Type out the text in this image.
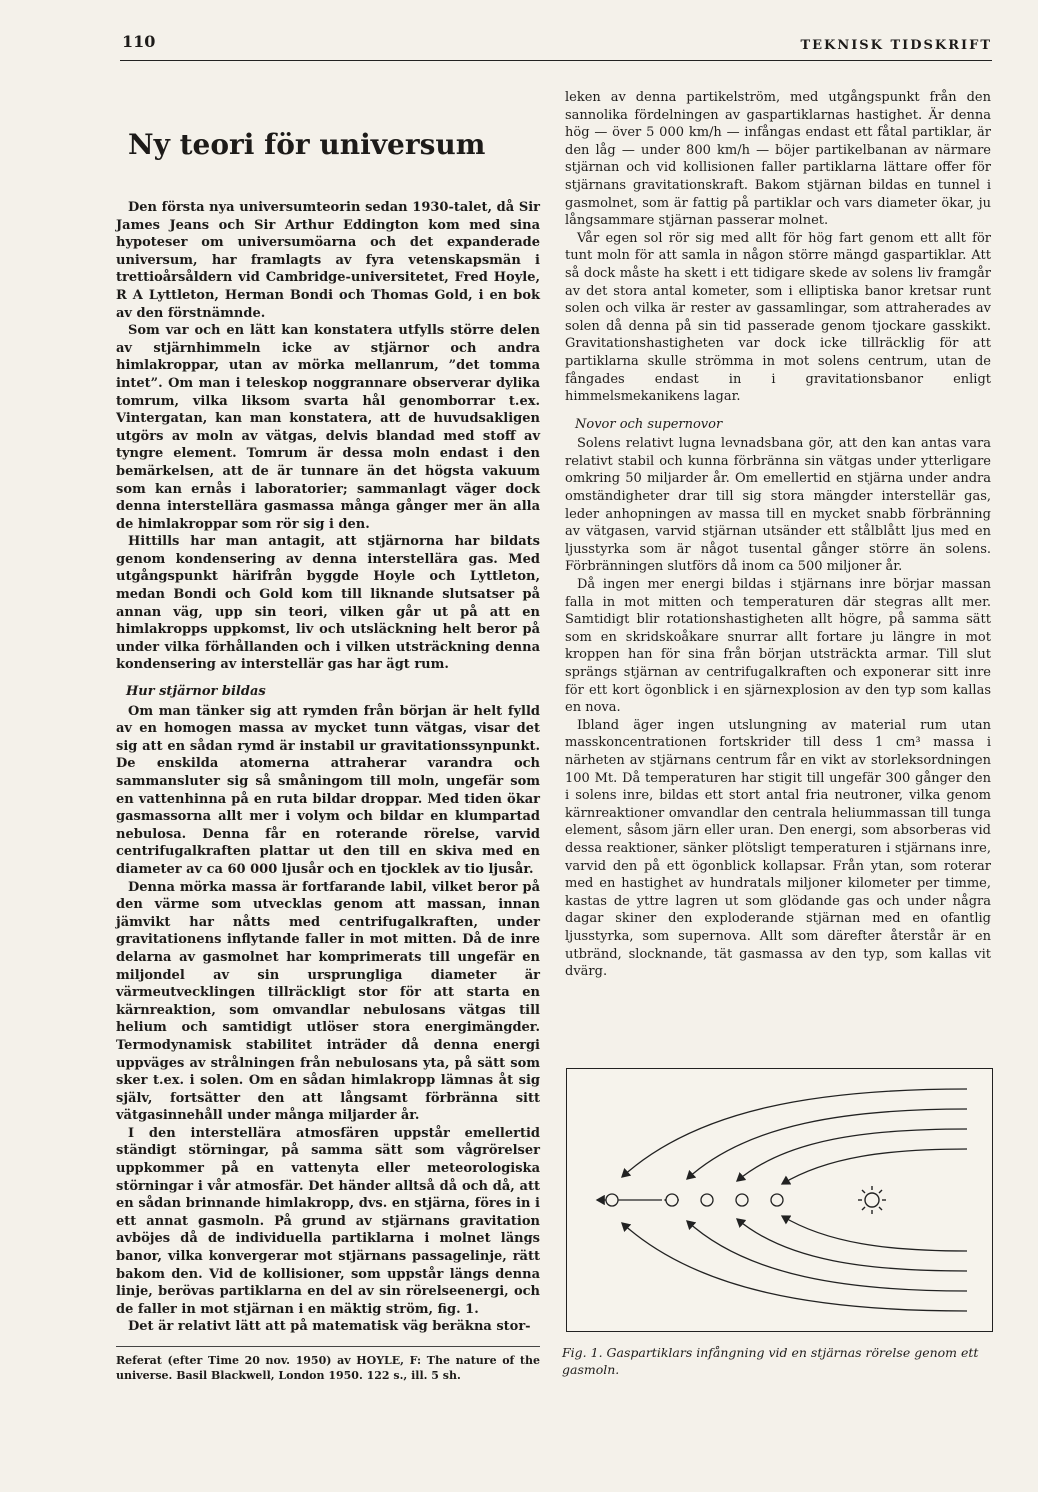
110	TEKNISK TIDSKRIFT
Ny teori för universum

Den första nya universumteorin sedan 1930-talet, då Sir James Jeans och Sir Arthur Eddington kom med sina hypoteser om universumöarna och det expanderade universum, har framlagts av fyra vetenskapsmän i trettioårsåldern vid Cambridge-universitetet, Fred Hoyle, R A Lyttleton, Herman Bondi och Thomas Gold, i en bok av den förstnämnde.

Som var och en lätt kan konstatera utfylls större delen av stjärnhimmeln icke av stjärnor och andra himlakroppar, utan av mörka mellanrum, ”det tomma intet”. Om man i teleskop noggrannare observerar dylika tomrum, vilka liksom svarta hål genomborrar t.ex. Vintergatan, kan man konstatera, att de huvudsakligen utgörs av moln av vätgas, delvis blandad med stoff av tyngre element. Tomrum är dessa moln endast i den bemärkelsen, att de är tunnare än det högsta vakuum som kan ernås i laboratorier; sammanlagt väger dock denna interstellära gasmassa många gånger mer än alla de himlakroppar som rör sig i den.

Hittills har man antagit, att stjärnorna har bildats genom kondensering av denna interstellära gas. Med utgångspunkt härifrån byggde Hoyle och Lyttleton, medan Bondi och Gold kom till liknande slutsatser på annan väg, upp sin teori, vilken går ut på att en himlakropps uppkomst, liv och utsläckning helt beror på under vilka förhållanden och i vilken utsträckning denna kondensering av interstellär gas har ägt rum.

Hur stjärnor bildas

Om man tänker sig att rymden från början är helt fylld av en homogen massa av mycket tunn vätgas, visar det sig att en sådan rymd är instabil ur gravitationssynpunkt. De enskilda atomerna attraherar varandra och sammansluter sig så småningom till moln, ungefär som en vattenhinna på en ruta bildar droppar. Med tiden ökar gasmassorna allt mer i volym och bildar en klumpartad nebulosa. Denna får en roterande rörelse, varvid centrifugalkraften plattar ut den till en skiva med en diameter av ca 60 000 ljusår och en tjocklek av tio ljusår.

Denna mörka massa är fortfarande labil, vilket beror på den värme som utvecklas genom att massan, innan jämvikt har nåtts med centrifugalkraften, under gravitationens inflytande faller in mot mitten. Då de inre delarna av gasmolnet har komprimerats till ungefär en miljondel av sin ursprungliga diameter är värmeutvecklingen tillräckligt stor för att starta en kärnreaktion, som omvandlar nebulosans vätgas till helium och samtidigt utlöser stora energimängder. Termodynamisk stabilitet inträder då denna energi uppväges av strålningen från nebulosans yta, på sätt som sker t.ex. i solen. Om en sådan himlakropp lämnas åt sig själv, fortsätter den att långsamt förbränna sitt vätgasinnehåll under många miljarder år.

I den interstellära atmosfären uppstår emellertid ständigt störningar, på samma sätt som vågrörelser uppkommer på en vattenyta eller meteorologiska störningar i vår atmosfär. Det händer alltså då och då, att en sådan brinnande himlakropp, dvs. en stjärna, föres in i ett annat gasmoln. På grund av stjärnans gravitation avböjes då de individuella partiklarna i molnet längs banor, vilka konvergerar mot stjärnans passagelinje, rätt bakom den. Vid de kollisioner, som uppstår längs denna linje, berövas partiklarna en del av sin rörelseenergi, och de faller in mot stjärnan i en mäktig ström, fig. 1.

Det är relativt lätt att på matematisk väg beräkna stor-

Referat (efter Time 20 nov. 1950) av HOYLE, F: The nature of the universe. Basil Blackwell, London 1950. 122 s., ill. 5 sh.

leken av denna partikelström, med utgångspunkt från den sannolika fördelningen av gaspartiklarnas hastighet. Är denna hög — över 5 000 km/h — infångas endast ett fåtal partiklar, är den låg — under 800 km/h — böjer partikelbanan av närmare stjärnan och vid kollisionen faller partiklarna lättare offer för stjärnans gravitationskraft. Bakom stjärnan bildas en tunnel i gasmolnet, som är fattig på partiklar och vars diameter ökar, ju långsammare stjärnan passerar molnet.

Vår egen sol rör sig med allt för hög fart genom ett allt för tunt moln för att samla in någon större mängd gaspartiklar. Att så dock måste ha skett i ett tidigare skede av solens liv framgår av det stora antal kometer, som i elliptiska banor kretsar runt solen och vilka är rester av gassamlingar, som attraherades av solen då denna på sin tid passerade genom tjockare gasskikt. Gravitationshastigheten var dock icke tillräcklig för att partiklarna skulle strömma in mot solens centrum, utan de fångades endast in i gravitationsbanor enligt himmelsmekanikens lagar.

Novor och supernovor

Solens relativt lugna levnadsbana gör, att den kan antas vara relativt stabil och kunna förbränna sin vätgas under ytterligare omkring 50 miljarder år. Om emellertid en stjärna under andra omständigheter drar till sig stora mängder interstellär gas, leder anhopningen av massa till en mycket snabb förbränning av vätgasen, varvid stjärnan utsänder ett stålblått ljus med en ljusstyrka som är något tusental gånger större än solens. Förbränningen slutförs då inom ca 500 miljoner år.

Då ingen mer energi bildas i stjärnans inre börjar massan falla in mot mitten och temperaturen där stegras allt mer. Samtidigt blir rotationshastigheten allt högre, på samma sätt som en skridskoåkare snurrar allt fortare ju längre in mot kroppen han för sina från början utsträckta armar. Till slut sprängs stjärnan av centrifugalkraften och exponerar sitt inre för ett kort ögonblick i en sjärnexplosion av den typ som kallas en nova.

Ibland äger ingen utslungning av material rum utan masskoncentrationen fortskrider till dess 1 cm³ massa i närheten av stjärnans centrum får en vikt av storleksordningen 100 Mt. Då temperaturen har stigit till ungefär 300 gånger den i solens inre, bildas ett stort antal fria neutroner, vilka genom kärnreaktioner omvandlar den centrala heliummassan till tunga element, såsom järn eller uran. Den energi, som absorberas vid dessa reaktioner, sänker plötsligt temperaturen i stjärnans inre, varvid den på ett ögonblick kollapsar. Från ytan, som roterar med en hastighet av hundratals miljoner kilometer per timme, kastas de yttre lagren ut som glödande gas och under några dagar skiner den exploderande stjärnan med en ofantlig ljusstyrka, som supernova. Allt som därefter återstår är en utbränd, slocknande, tät gasmassa av den typ, som kallas vit dvärg.

Fig. 1. Gaspartiklars infångning vid en stjärnas rörelse genom ett gasmoln.
